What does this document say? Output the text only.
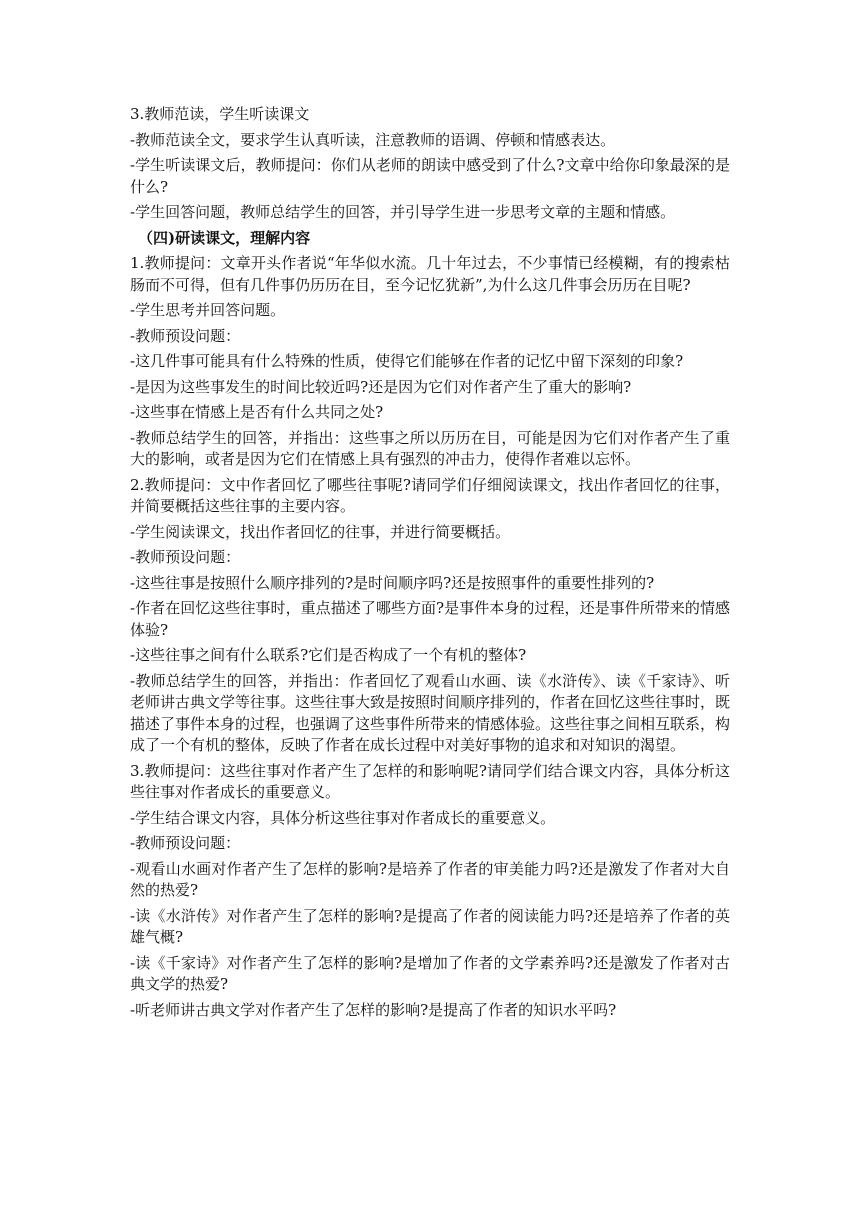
3.教师范读，学生听读课文

-教师范读全文，要求学生认真听读，注意教师的语调、停顿和情感表达。

-学生听读课文后，教师提问：你们从老师的朗读中感受到了什么?文章中给你印象最深的是什么?

-学生回答问题，教师总结学生的回答，并引导学生进一步思考文章的主题和情感。

（四)研读课文，理解内容

1.教师提问：文章开头作者说“年华似水流。几十年过去，不少事情已经模糊，有的搜索枯肠而不可得，但有几件事仍历历在目，至今记忆犹新”,为什么这几件事会历历在目呢?

-学生思考并回答问题。

-教师预设问题：

-这几件事可能具有什么特殊的性质，使得它们能够在作者的记忆中留下深刻的印象?

-是因为这些事发生的时间比较近吗?还是因为它们对作者产生了重大的影响?

-这些事在情感上是否有什么共同之处?

-教师总结学生的回答，并指出：这些事之所以历历在目，可能是因为它们对作者产生了重大的影响，或者是因为它们在情感上具有强烈的冲击力，使得作者难以忘怀。

2.教师提问：文中作者回忆了哪些往事呢?请同学们仔细阅读课文，找出作者回忆的往事，并简要概括这些往事的主要内容。

-学生阅读课文，找出作者回忆的往事，并进行简要概括。

-教师预设问题：

-这些往事是按照什么顺序排列的?是时间顺序吗?还是按照事件的重要性排列的?

-作者在回忆这些往事时，重点描述了哪些方面?是事件本身的过程，还是事件所带来的情感体验?

-这些往事之间有什么联系?它们是否构成了一个有机的整体?

-教师总结学生的回答，并指出：作者回忆了观看山水画、读《水浒传》、读《千家诗》、听老师讲古典文学等往事。这些往事大致是按照时间顺序排列的，作者在回忆这些往事时，既描述了事件本身的过程，也强调了这些事件所带来的情感体验。这些往事之间相互联系，构成了一个有机的整体，反映了作者在成长过程中对美好事物的追求和对知识的渴望。

3.教师提问：这些往事对作者产生了怎样的和影响呢?请同学们结合课文内容，具体分析这些往事对作者成长的重要意义。

-学生结合课文内容，具体分析这些往事对作者成长的重要意义。

-教师预设问题：

-观看山水画对作者产生了怎样的影响?是培养了作者的审美能力吗?还是激发了作者对大自然的热爱?

-读《水浒传》对作者产生了怎样的影响?是提高了作者的阅读能力吗?还是培养了作者的英雄气概?

-读《千家诗》对作者产生了怎样的影响?是增加了作者的文学素养吗?还是激发了作者对古典文学的热爱?

-听老师讲古典文学对作者产生了怎样的影响?是提高了作者的知识水平吗?
